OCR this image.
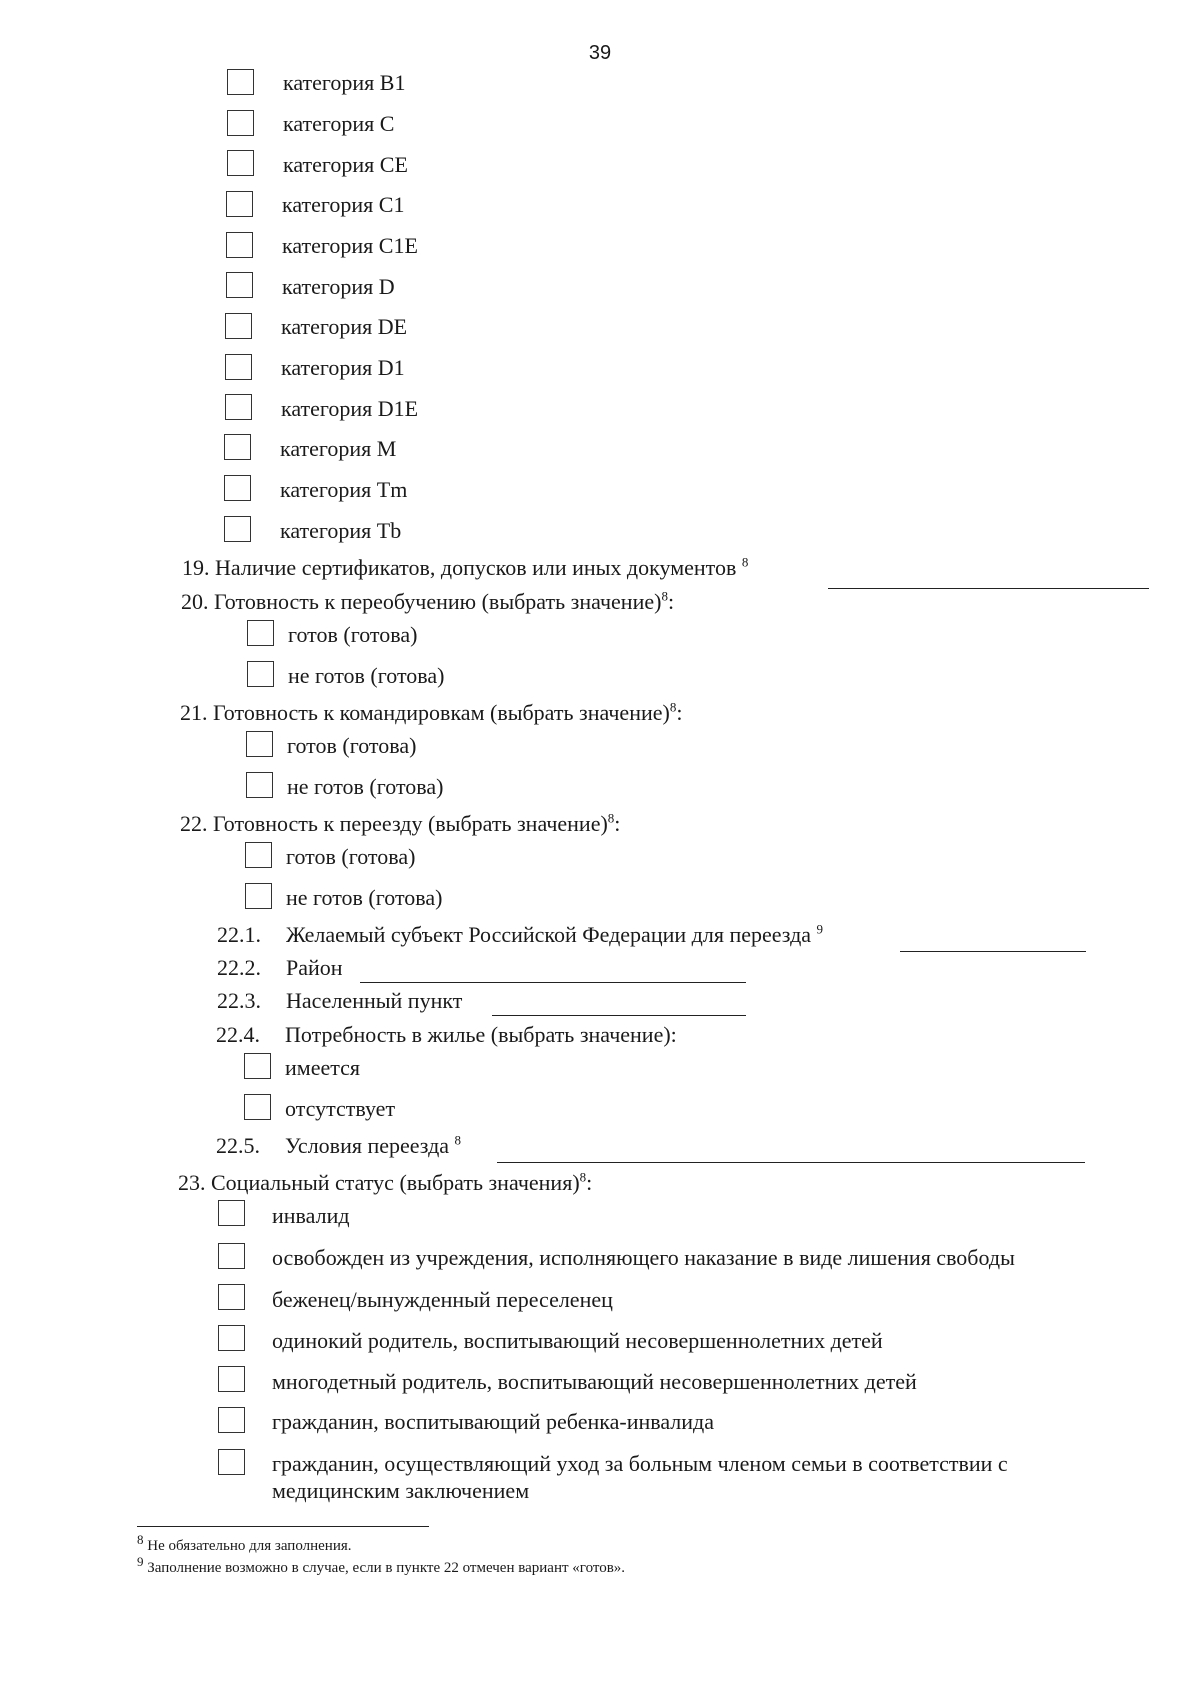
39
категория B1
категория C
категория CE
категория C1
категория C1E
категория D
категория DE
категория D1
категория D1E
категория M
категория Tm
категория Tb
19. Наличие сертификатов, допусков или иных документов $^8$
20. Готовность к переобучению (выбрать значение)$^8$:
готов (готова)
не готов (готова)
21. Готовность к командировкам (выбрать значение)$^8$:
готов (готова)
не готов (готова)
22. Готовность к переезду (выбрать значение)$^8$:
готов (готова)
не готов (готова)
22.1. Желаемый субъект Российской Федерации для переезда $^9$
22.2. Район
22.3. Населенный пункт
22.4. Потребность в жилье (выбрать значение):
имеется
отсутствует
22.5. Условия переезда $^8$
23. Социальный статус (выбрать значения)$^8$:
инвалид
освобожден из учреждения, исполняющего наказание в виде лишения свободы
беженец/вынужденный переселенец
одинокий родитель, воспитывающий несовершеннолетних детей
многодетный родитель, воспитывающий несовершеннолетних детей
гражданин, воспитывающий ребенка-инвалида
гражданин, осуществляющий уход за больным членом семьи в соответствии с
медицинским заключением
$^8$ Не обязательно для заполнения.
$^9$ Заполнение возможно в случае, если в пункте 22 отмечен вариант «готов».
